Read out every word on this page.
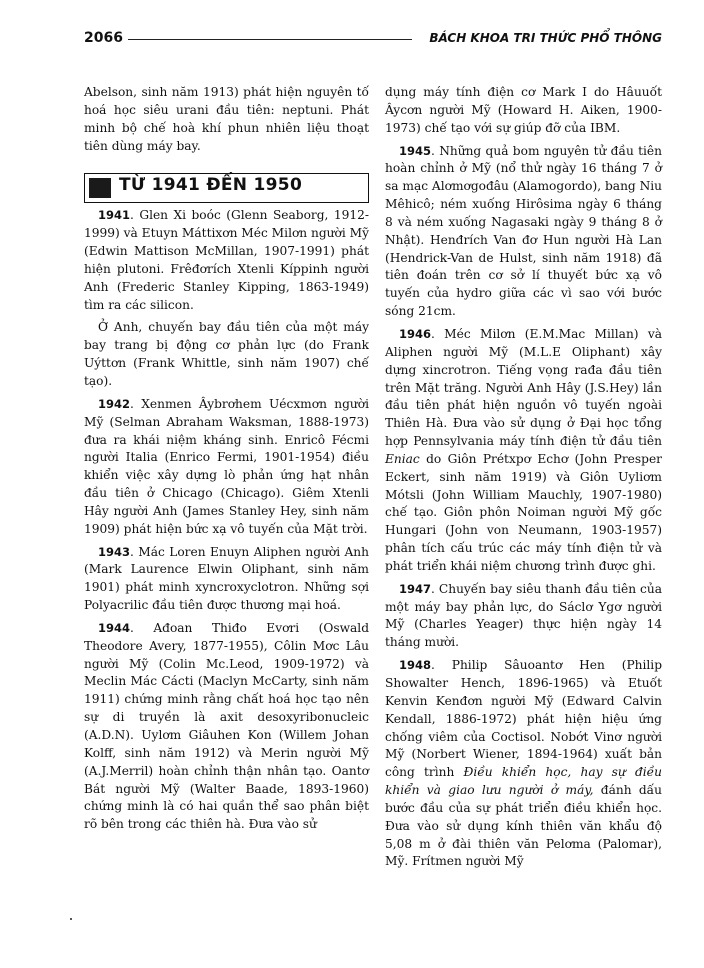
2066	BÁCH KHOA TRI THỨC PHỔ THÔNG

Abelson, sinh năm 1913) phát hiện nguyên tố hoá học siêu urani đầu tiên: neptuni. Phát minh bộ chế hoà khí phun nhiên liệu thoạt tiên dùng máy bay.

TỪ 1941 ĐẾN 1950

1941. Glen Xi boóc (Glenn Seaborg, 1912-1999) và Etuyn Máttixơn Méc Milơn người Mỹ (Edwin Mattison McMillan, 1907-1991) phát hiện plutoni. Frêđơrích Xtenli Kíppinh người Anh (Frederic Stanley Kipping, 1863-1949) tìm ra các silicon.

Ở Anh, chuyến bay đầu tiên của một máy bay trang bị động cơ phản lực (do Frank Uýttơn (Frank Whittle, sinh năm 1907) chế tạo).

1942. Xenmen Âybrơhem Uécxmơn người Mỹ (Selman Abraham Waksman, 1888-1973) đưa ra khái niệm kháng sinh. Enricô Fécmi người Italia (Enrico Fermi, 1901-1954) điều khiển việc xây dựng lò phản ứng hạt nhân đầu tiên ở Chicago (Chicago). Giêm Xtenli Hây người Anh (James Stanley Hey, sinh năm 1909) phát hiện bức xạ vô tuyến của Mặt trời.

1943. Mác Loren Enuyn Aliphen người Anh (Mark Laurence Elwin Oliphant, sinh năm 1901) phát minh xyncroxyclotron. Những sợi Polyacrilic đầu tiên được thương mại hoá.

1944. Ađoan Thiđo Evơri (Oswald Theodore Avery, 1877-1955), Côlin Mơc Lâu người Mỹ (Colin Mc.Leod, 1909-1972) và Meclin Mác Cácti (Maclyn McCarty, sinh năm 1911) chứng minh rằng chất hoá học tạo nên sự di truyền là axit desoxyribonucleic (A.D.N). Uylơm Giâuhen Kon (Willem Johan Kolff, sinh năm 1912) và Merin người Mỹ (A.J.Merril) hoàn chỉnh thận nhân tạo. Oantơ Bát người Mỹ (Walter Baade, 1893-1960) chứng minh là có hai quần thể sao phân biệt rõ bên trong các thiên hà. Đưa vào sử

dụng máy tính điện cơ Mark I do Hâuuốt Âycơn người Mỹ (Howard H. Aiken, 1900-1973) chế tạo với sự giúp đỡ của IBM.

1945. Những quả bom nguyên tử đầu tiên hoàn chỉnh ở Mỹ (nổ thử ngày 16 tháng 7 ở sa mạc Alơmơgođâu (Alamogordo), bang Niu Mêhicô; ném xuống Hirôsima ngày 6 tháng 8 và ném xuống Nagasaki ngày 9 tháng 8 ở Nhật). Henđrích Van đơ Hun người Hà Lan (Hendrick-Van de Hulst, sinh năm 1918) đã tiên đoán trên cơ sở lí thuyết bức xạ vô tuyến của hydro giữa các vì sao với bước sóng 21cm.

1946. Méc Milơn (E.M.Mac Millan) và Aliphen người Mỹ (M.L.E Oliphant) xây dựng xincrotron. Tiếng vọng rađa đầu tiên trên Mặt trăng. Người Anh Hây (J.S.Hey) lần đầu tiên phát hiện nguồn vô tuyến ngoài Thiên Hà. Đưa vào sử dụng ở Đại học tổng hợp Pennsylvania máy tính điện tử đầu tiên Eniac do Giôn Prétxpơ Echơ (John Presper Eckert, sinh năm 1919) và Giôn Uyliơm Mótsli (John William Mauchly, 1907-1980) chế tạo. Giôn phôn Noiman người Mỹ gốc Hungari (John von Neumann, 1903-1957) phân tích cấu trúc các máy tính điện tử và phát triển khái niệm chương trình được ghi.

1947. Chuyến bay siêu thanh đầu tiên của một máy bay phản lực, do Sáclơ Ygơ người Mỹ (Charles Yeager) thực hiện ngày 14 tháng mười.

1948. Philip Sâuoantơ Hen (Philip Showalter Hench, 1896-1965) và Etuốt Kenvin Kenđơn người Mỹ (Edward Calvin Kendall, 1886-1972) phát hiện hiệu ứng chống viêm của Coctisol. Nobớt Vinơ người Mỹ (Norbert Wiener, 1894-1964) xuất bản công trình Điều khiển học, hay sự điều khiển và giao lưu người ở máy, đánh dấu bước đầu của sự phát triển điều khiển học. Đưa vào sử dụng kính thiên văn khẩu độ 5,08 m ở đài thiên văn Pelơma (Palomar), Mỹ. Frítmen người Mỹ
